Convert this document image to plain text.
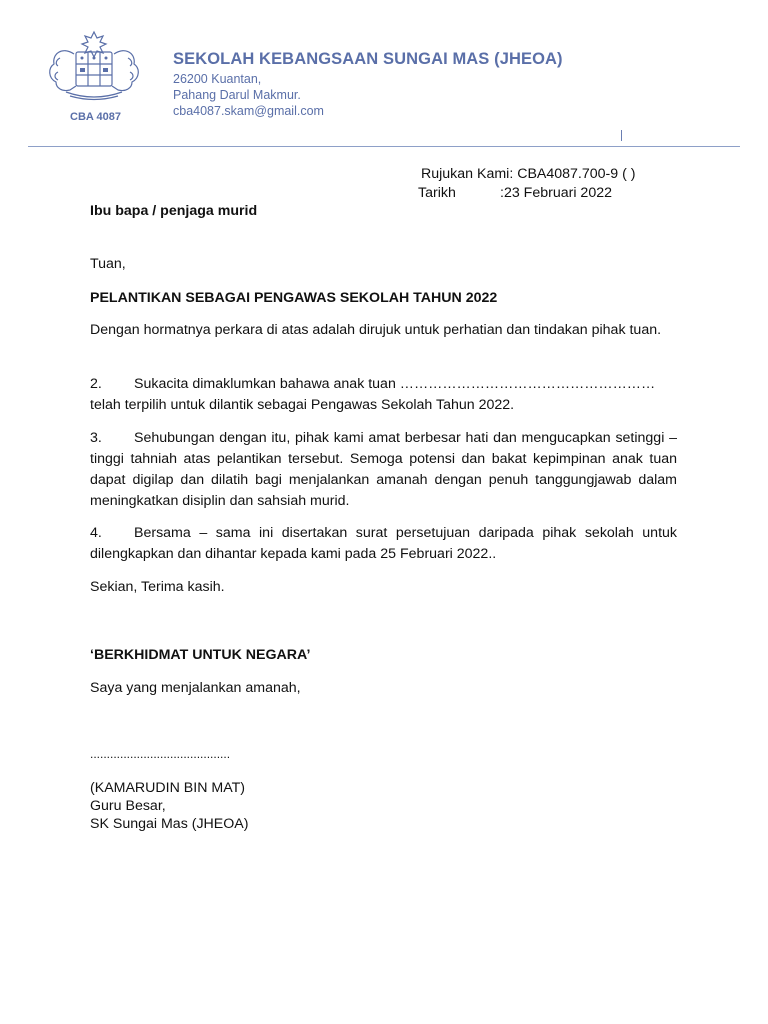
CBA 4087
SEKOLAH KEBANGSAAN SUNGAI MAS (JHEOA)
26200 Kuantan,
Pahang Darul Makmur.
cba4087.skam@gmail.com
Rujukan Kami: CBA4087.700-9 ( )
Tarikh	:23 Februari 2022
Ibu bapa / penjaga murid
Tuan,
PELANTIKAN SEBAGAI PENGAWAS SEKOLAH TAHUN 2022
Dengan hormatnya perkara di atas adalah dirujuk untuk perhatian dan tindakan pihak tuan.
2. Sukacita dimaklumkan bahawa anak tuan ………………………………………………
telah terpilih untuk dilantik sebagai Pengawas Sekolah Tahun 2022.
3. Sehubungan dengan itu, pihak kami amat berbesar hati dan mengucapkan setinggi – tinggi tahniah atas pelantikan tersebut. Semoga potensi dan bakat kepimpinan anak tuan dapat digilap dan dilatih bagi menjalankan amanah dengan penuh tanggungjawab dalam meningkatkan disiplin dan sahsiah murid.
4. Bersama – sama ini disertakan surat persetujuan daripada pihak sekolah untuk dilengkapkan dan dihantar kepada kami pada 25 Februari 2022..
Sekian, Terima kasih.
‘BERKHIDMAT UNTUK NEGARA’
Saya yang menjalankan amanah,
..........................................
(KAMARUDIN BIN MAT)
Guru Besar,
SK Sungai Mas (JHEOA)
